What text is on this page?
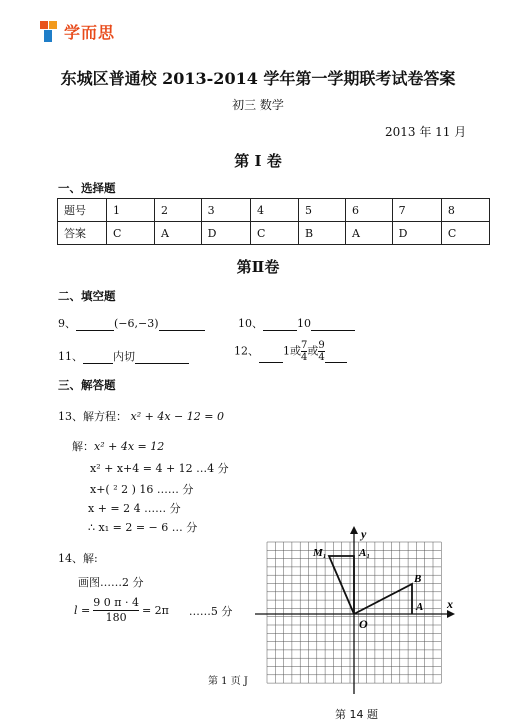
学而思
东城区普通校 2013-2014 学年第一学期联考试卷答案
初三 数学
2013 年 11 月
第 I 卷
一、选择题
题号	1	2	3	4	5	6	7	8
答案	C	A	D	C	B	A	D	C
第Ⅱ卷
二、填空题
9、	(−6,−3)	10、	10
11、	内切	12、 1或 $\frac{7}{4}$ 或 $\frac{9}{4}$
三、解答题
13、解方程： x² + 4x − 12 = 0
解：x² + 4x = 12
x² + x+4 = 4 + 12 …4 分
x+( ² 2 ) 16 …… 分
x + = 2 4 …… 分
∴ x₁ = 2 = − 6 … 分
14、解:
画图……2 分
$l = \frac{9 0 \pi \cdot 4}{180} = 2\pi$ ……5 分
第 1 页 J
x
y
O
M₁	A₁
B
A
第 14 题
